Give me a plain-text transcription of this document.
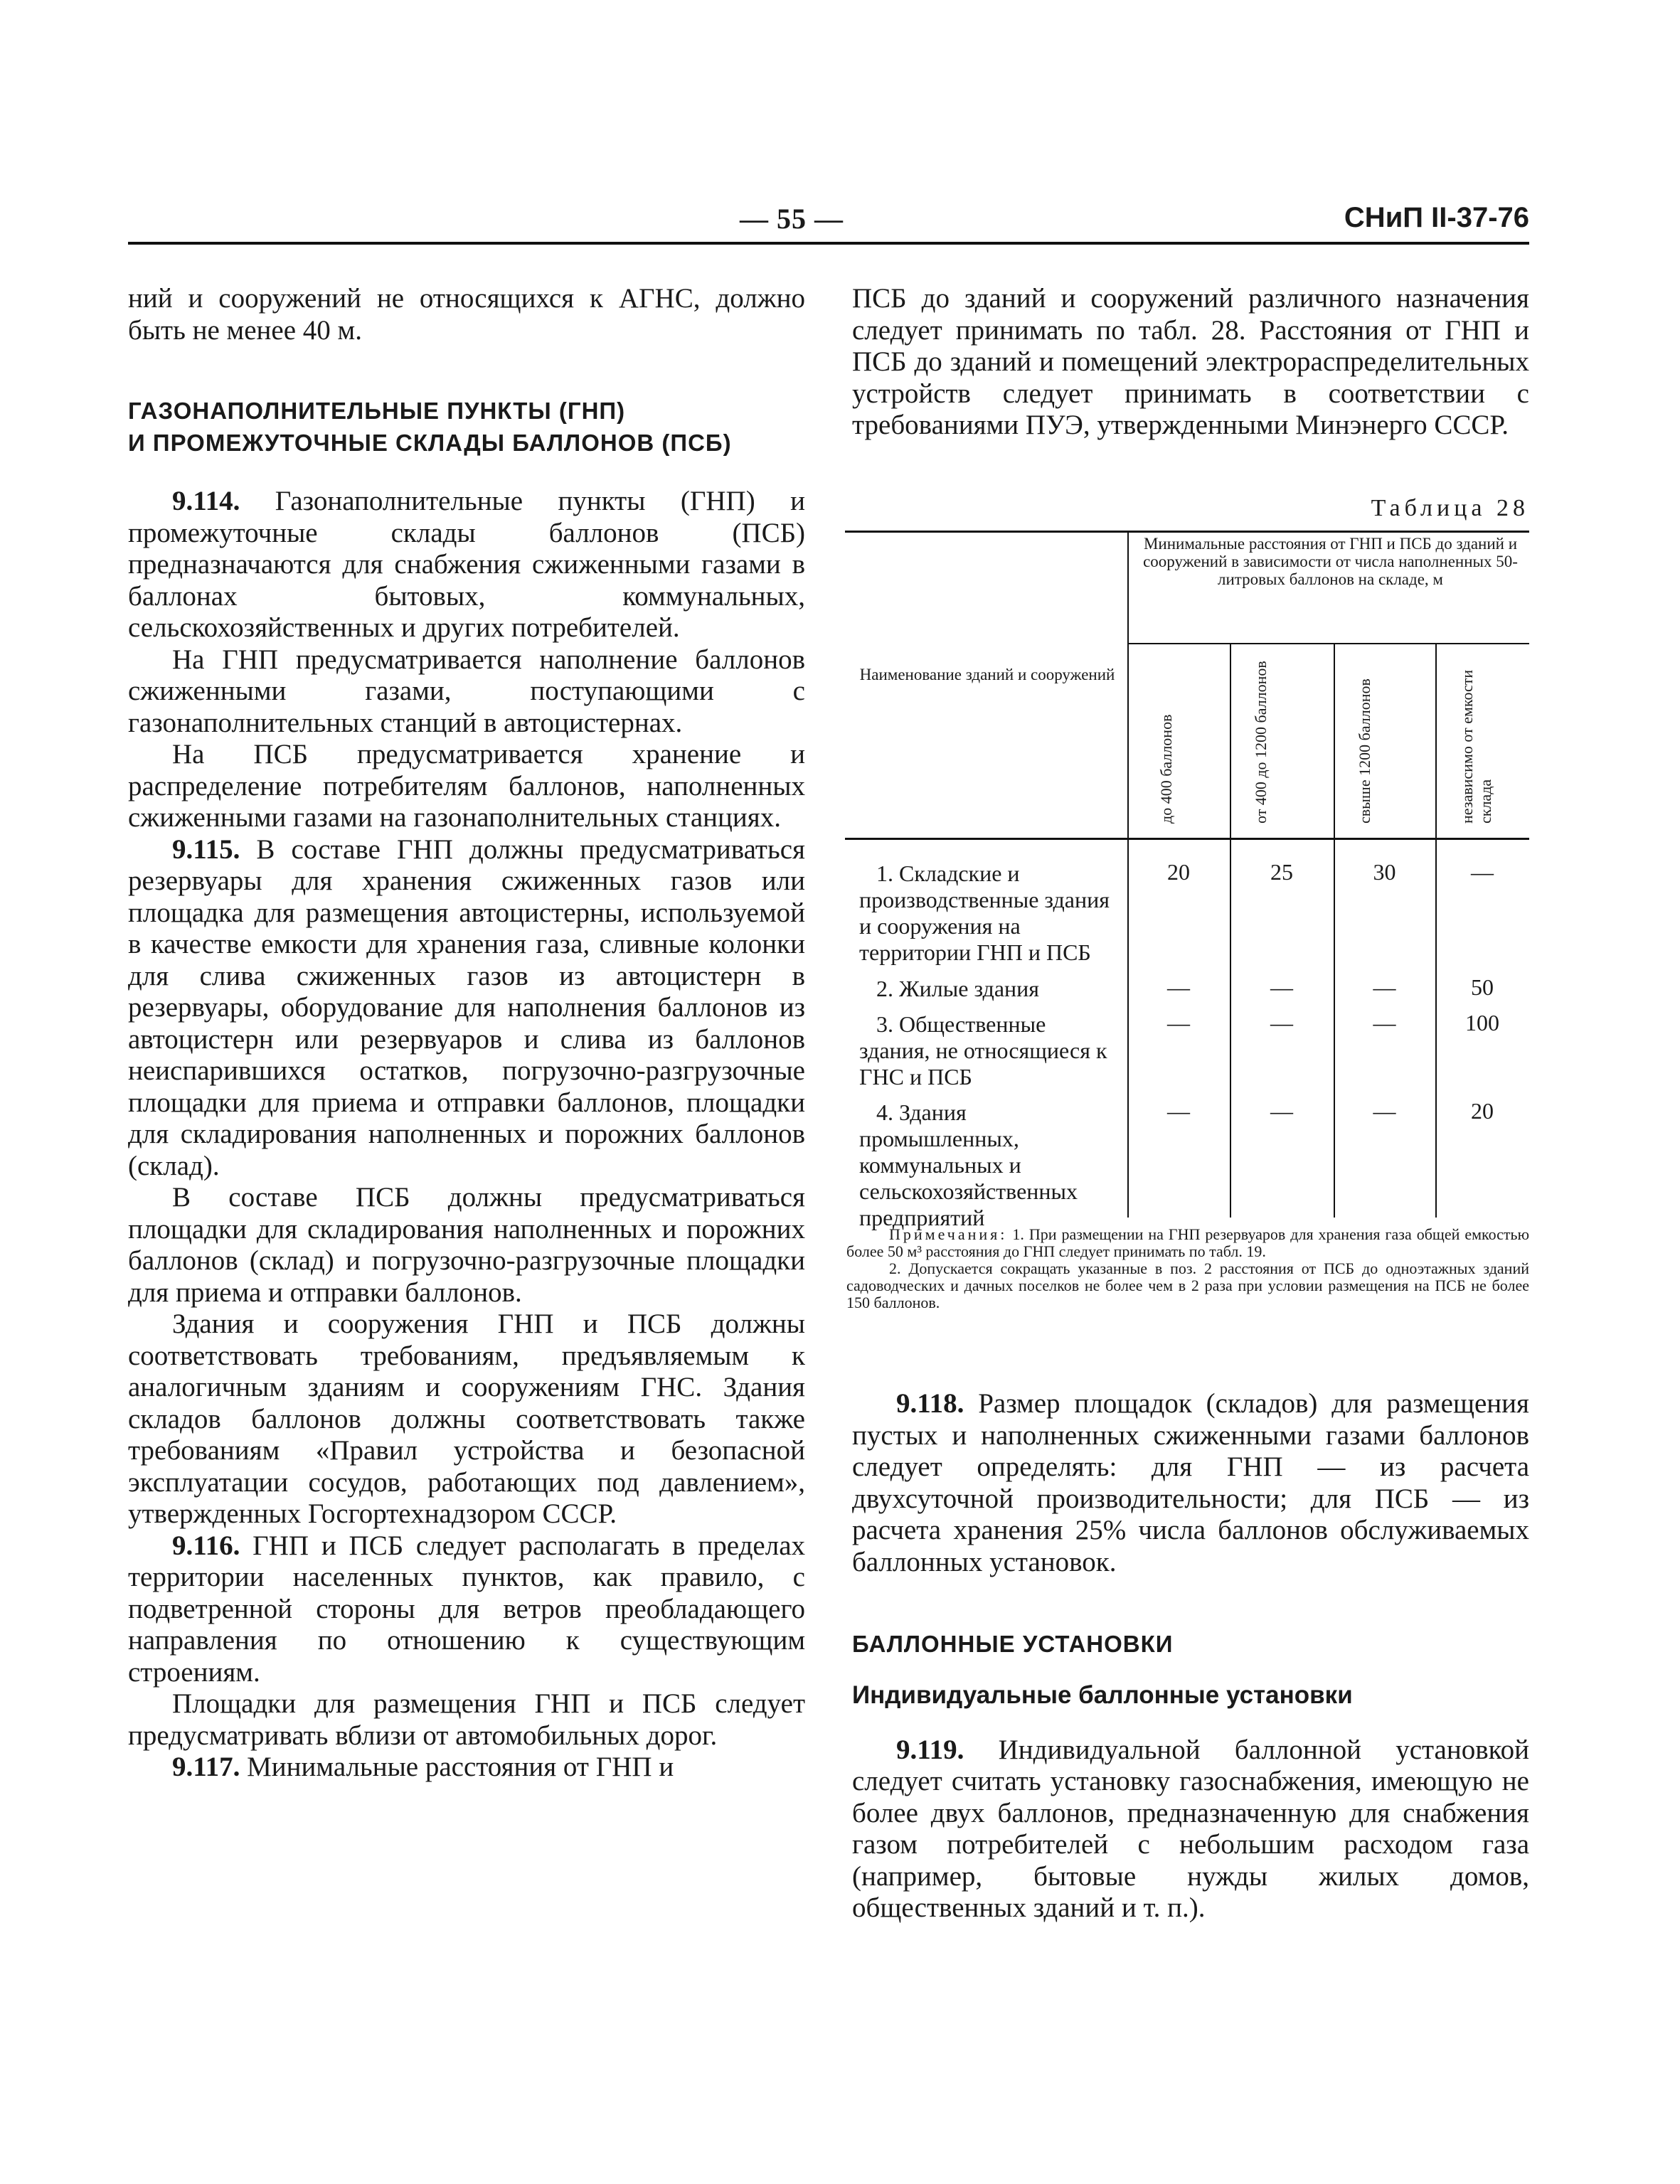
— 55 —	СНиП II-37-76

ний и сооружений не относящихся к АГНС, должно быть не менее 40 м.

ГАЗОНАПОЛНИТЕЛЬНЫЕ ПУНКТЫ (ГНП)
И ПРОМЕЖУТОЧНЫЕ СКЛАДЫ БАЛЛОНОВ (ПСБ)

9.114. Газонаполнительные пункты (ГНП) и промежуточные склады баллонов (ПСБ) предназначаются для снабжения сжиженными газами в баллонах бытовых, коммунальных, сельскохозяйственных и других потребителей.

На ГНП предусматривается наполнение баллонов сжиженными газами, поступающими с газонаполнительных станций в автоцистернах.

На ПСБ предусматривается хранение и распределение потребителям баллонов, наполненных сжиженными газами на газонаполнительных станциях.

9.115. В составе ГНП должны предусматриваться резервуары для хранения сжиженных газов или площадка для размещения автоцистерны, используемой в качестве емкости для хранения газа, сливные колонки для слива сжиженных газов из автоцистерн в резервуары, оборудование для наполнения баллонов из автоцистерн или резервуаров и слива из баллонов неиспарившихся остатков, погрузочно-разгрузочные площадки для приема и отправки баллонов, площадки для складирования наполненных и порожних баллонов (склад).

В составе ПСБ должны предусматриваться площадки для складирования наполненных и порожних баллонов (склад) и погрузочно-разгрузочные площадки для приема и отправки баллонов.

Здания и сооружения ГНП и ПСБ должны соответствовать требованиям, предъявляемым к аналогичным зданиям и сооружениям ГНС. Здания складов баллонов должны соответствовать также требованиям «Правил устройства и безопасной эксплуатации сосудов, работающих под давлением», утвержденных Госгортехнадзором СССР.

9.116. ГНП и ПСБ следует располагать в пределах территории населенных пунктов, как правило, с подветренной стороны для ветров преобладающего направления по отношению к существующим строениям.

Площадки для размещения ГНП и ПСБ следует предусматривать вблизи от автомобильных дорог.

9.117. Минимальные расстояния от ГНП и

ПСБ до зданий и сооружений различного назначения следует принимать по табл. 28. Расстояния от ГНП и ПСБ до зданий и помещений электрораспределительных устройств следует принимать в соответствии с требованиями ПУЭ, утвержденными Минэнерго СССР.

Таблица 28
Наименование зданий и сооружений
Минимальные расстояния от ГНП и ПСБ до зданий и сооружений в зависимости от числа наполненных 50-литровых баллонов на складе, м
до 400 баллонов	от 400 до 1200 баллонов	свыше 1200 баллонов	независимо от емкости склада
1. Складские и производственные здания и сооружения на территории ГНП и ПСБ
20	25	30	—
2. Жилые здания	—	—	—	50
3. Общественные здания, не относящиеся к ГНС и ПСБ
—	—	—	100
4. Здания промышленных, коммунальных и сельскохозяйственных предприятий
—	—	—	20

Примечания: 1. При размещении на ГНП резервуаров для хранения газа общей емкостью более 50 м³ расстояния до ГНП следует принимать по табл. 19.

2. Допускается сокращать указанные в поз. 2 расстояния от ПСБ до одноэтажных зданий садоводческих и дачных поселков не более чем в 2 раза при условии размещения на ПСБ не более 150 баллонов.

9.118. Размер площадок (складов) для размещения пустых и наполненных сжиженными газами баллонов следует определять: для ГНП — из расчета двухсуточной производительности; для ПСБ — из расчета хранения 25% числа баллонов обслуживаемых баллонных установок.

БАЛЛОННЫЕ УСТАНОВКИ
Индивидуальные баллонные установки

9.119. Индивидуальной баллонной установкой следует считать установку газоснабжения, имеющую не более двух баллонов, предназначенную для снабжения газом потребителей с небольшим расходом газа (например, бытовые нужды жилых домов, общественных зданий и т. п.).
